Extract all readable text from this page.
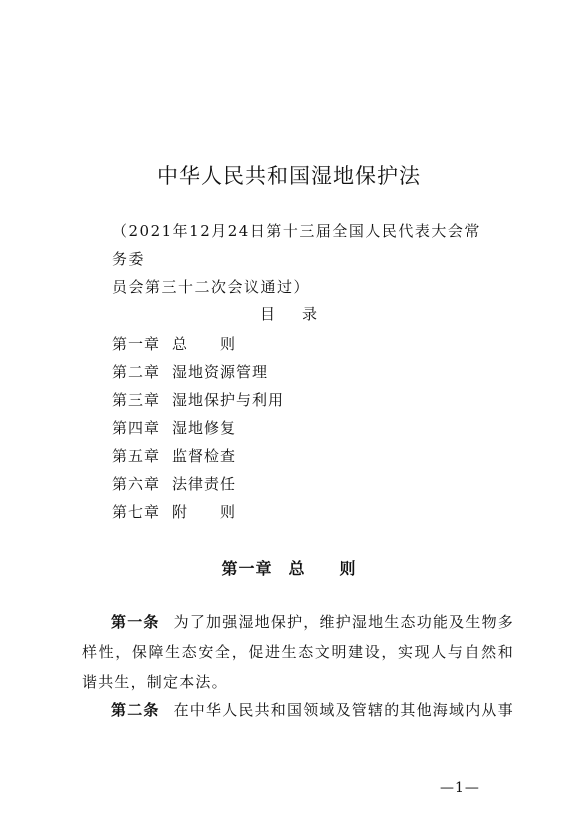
中华人民共和国湿地保护法
（2021年12月24日第十三届全国人民代表大会常务委
员会第三十二次会议通过）
目 录
第一章 总　　则
第二章 湿地资源管理
第三章 湿地保护与利用
第四章 湿地修复
第五章 监督检查
第六章 法律责任
第七章 附　　则
第一章 总　　则

第一条 为了加强湿地保护，维护湿地生态功能及生物多样性，保障生态安全，促进生态文明建设，实现人与自然和谐共生，制定本法。

第二条 在中华人民共和国领域及管辖的其他海域内从事

—1—
